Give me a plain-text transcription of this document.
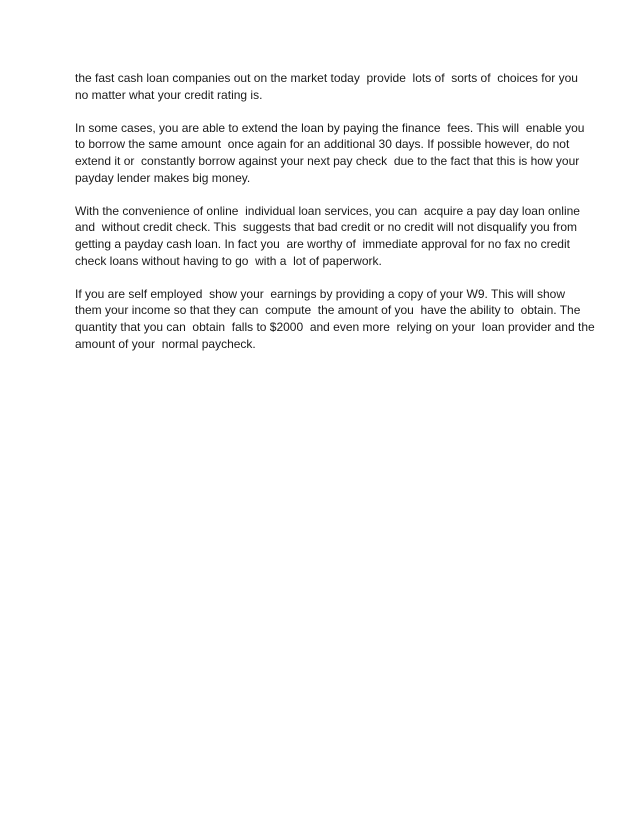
the fast cash loan companies out on the market today  provide  lots of  sorts of  choices for you

no matter what your credit rating is.

In some cases, you are able to extend the loan by paying the finance  fees. This will  enable you

to borrow the same amount  once again for an additional 30 days. If possible however, do not

extend it or  constantly borrow against your next pay check  due to the fact that this is how your

payday lender makes big money.

With the convenience of online  individual loan services, you can  acquire a pay day loan online

and  without credit check. This  suggests that bad credit or no credit will not disqualify you from

getting a payday cash loan. In fact you  are worthy of  immediate approval for no fax no credit

check loans without having to go  with a  lot of paperwork.

If you are self employed  show your  earnings by providing a copy of your W9. This will show

them your income so that they can  compute  the amount of you  have the ability to  obtain. The

quantity that you can  obtain  falls to $2000  and even more  relying on your  loan provider and the

amount of your  normal paycheck.
